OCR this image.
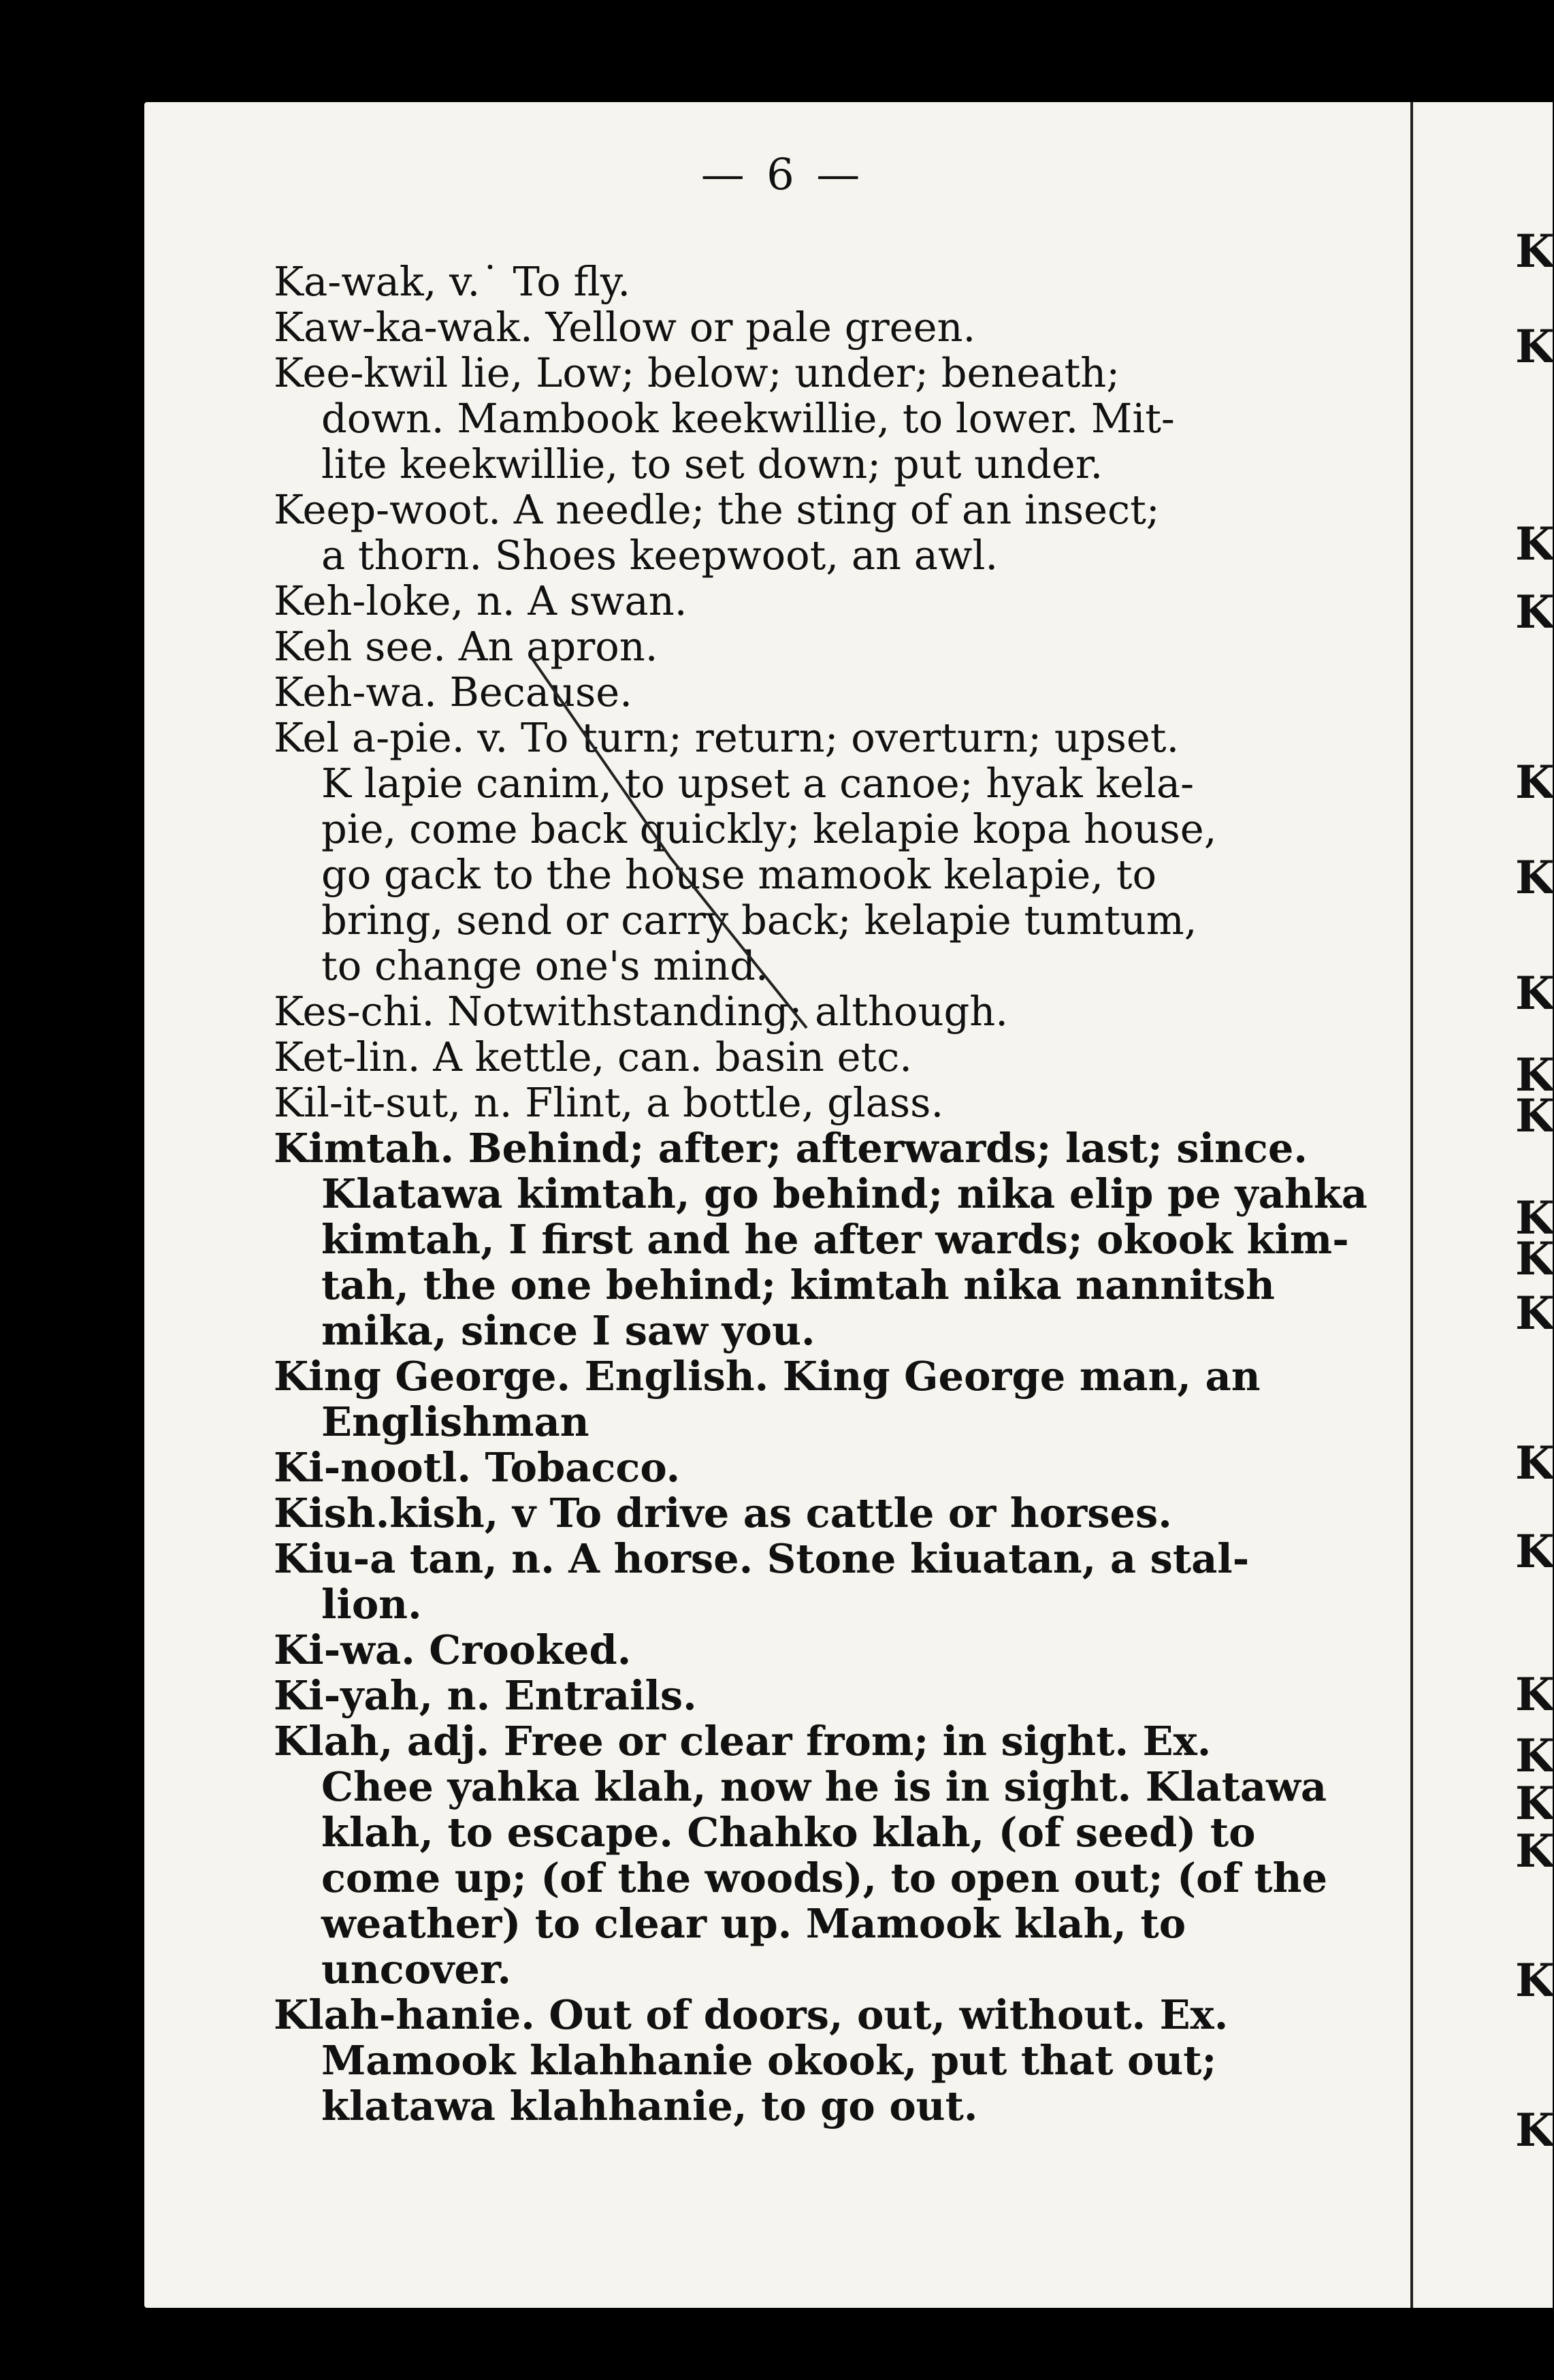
— 6 —
Ka-wak, v.˙ To fly.
Kaw-ka-wak. Yellow or pale green.
Kee-kwil lie, Low; below; under; beneath;
down. Mambook keekwillie, to lower. Mit-
lite keekwillie, to set down; put under.
Keep-woot. A needle; the sting of an insect;
a thorn. Shoes keepwoot, an awl.
Keh-loke, n. A swan.
Keh see. An apron.
Keh-wa. Because.
Kel a-pie. v. To turn; return; overturn; upset.
K lapie canim, to upset a canoe; hyak kela-
pie, come back quickly; kelapie kopa house,
go gack to the house mamook kelapie, to
bring, send or carry back; kelapie tumtum,
to change one's mind.
Kes-chi. Notwithstanding; although.
Ket-lin. A kettle, can. basin etc.
Kil-it-sut, n. Flint, a bottle, glass.
Kimtah. Behind; after; afterwards; last; since.
Klatawa kimtah, go behind; nika elip pe yahka
kimtah, I first and he after wards; okook kim-
tah, the one behind; kimtah nika nannitsh
mika, since I saw you.
King George. English. King George man, an
Englishman
Ki-nootl. Tobacco.
Kish.kish, v To drive as cattle or horses.
Kiu-a tan, n. A horse. Stone kiuatan, a stal-
lion.
Ki-wa. Crooked.
Ki-yah, n. Entrails.
Klah, adj. Free or clear from; in sight. Ex.
Chee yahka klah, now he is in sight. Klatawa
klah, to escape. Chahko klah, (of seed) to
come up; (of the woods), to open out; (of the
weather) to clear up. Mamook klah, to
uncover.
Klah-hanie. Out of doors, out, without. Ex.
Mamook klahhanie okook, put that out;
klatawa klahhanie, to go out.
K
K
K
K
K
K
K
K
K
K
K
K
K
K
K
K
K
K
K
K
